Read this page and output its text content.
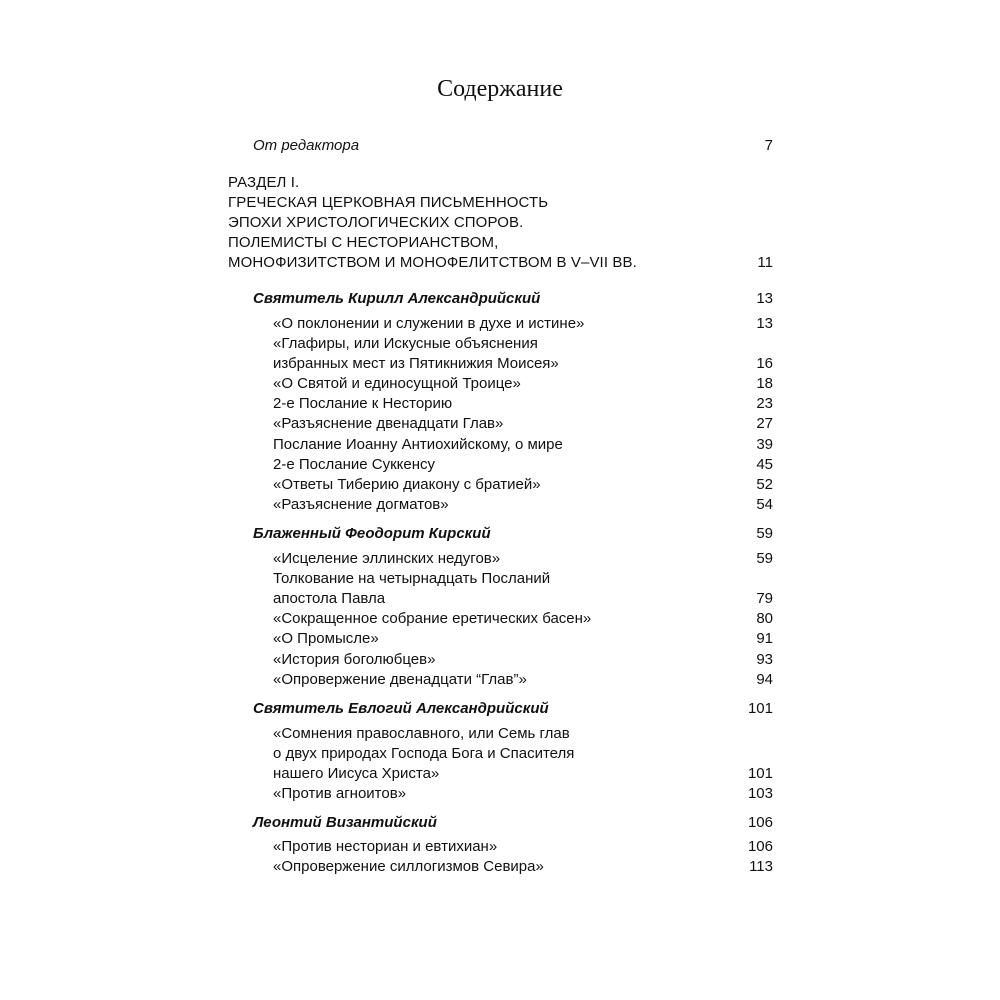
Содержание
От редактора	7
РАЗДЕЛ I.
ГРЕЧЕСКАЯ ЦЕРКОВНАЯ ПИСЬМЕННОСТЬ
ЭПОХИ ХРИСТОЛОГИЧЕСКИХ СПОРОВ.
ПОЛЕМИСТЫ С НЕСТОРИАНСТВОМ,
МОНОФИЗИТСТВОМ И МОНОФЕЛИТСТВОМ В V–VII ВВ.	11
Святитель Кирилл Александрийский	13
«О поклонении и служении в духе и истине»	13
«Глафиры, или Искусные объяснения
избранных мест из Пятикнижия Моисея»	16
«О Святой и единосущной Троице»	18
2-е Послание к Несторию	23
«Разъяснение двенадцати Глав»	27
Послание Иоанну Антиохийскому, о мире	39
2-е Послание Суккенсу	45
«Ответы Тиберию диакону с братией»	52
«Разъяснение догматов»	54
Блаженный Феодорит Кирский	59
«Исцеление эллинских недугов»	59
Толкование на четырнадцать Посланий
апостола Павла	79
«Сокращенное собрание еретических басен»	80
«О Промысле»	91
«История боголюбцев»	93
«Опровержение двенадцати “Глав”»	94
Святитель Евлогий Александрийский	101
«Сомнения православного, или Семь глав
о двух природах Господа Бога и Спасителя
нашего Иисуса Христа»	101
«Против агноитов»	103
Леонтий Византийский	106
«Против несториан и евтихиан»	106
«Опровержение силлогизмов Севира»	113
